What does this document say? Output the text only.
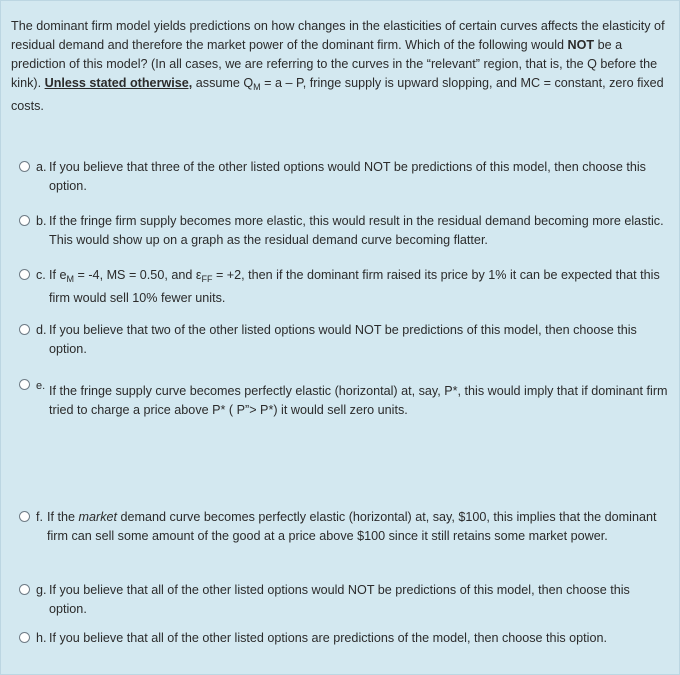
The dominant firm model yields predictions on how changes in the elasticities of certain curves affects the elasticity of residual demand and therefore the market power of the dominant firm. Which of the following would NOT be a prediction of this model? (In all cases, we are referring to the curves in the “relevant” region, that is, the Q before the kink). Unless stated otherwise, assume $Q_M = a - P$, fringe supply is upward slopping, and MC = constant, zero fixed costs.
a. If you believe that three of the other listed options would NOT be predictions of this model, then choose this option.
b. If the fringe firm supply becomes more elastic, this would result in the residual demand becoming more elastic. This would show up on a graph as the residual demand curve becoming flatter.
c. If $e_M = -4$, MS = 0.50, and $\varepsilon_{FF} = +2$, then if the dominant firm raised its price by 1% it can be expected that this firm would sell 10% fewer units.
d. If you believe that two of the other listed options would NOT be predictions of this model, then choose this option.
e. If the fringe supply curve becomes perfectly elastic (horizontal) at, say, P*, this would imply that if dominant firm tried to charge a price above P* ( P”> P*) it would sell zero units.
f. If the market demand curve becomes perfectly elastic (horizontal) at, say, $100, this implies that the dominant firm can sell some amount of the good at a price above $100 since it still retains some market power.
g. If you believe that all of the other listed options would NOT be predictions of this model, then choose this option.
h. If you believe that all of the other listed options are predictions of the model, then choose this option.
